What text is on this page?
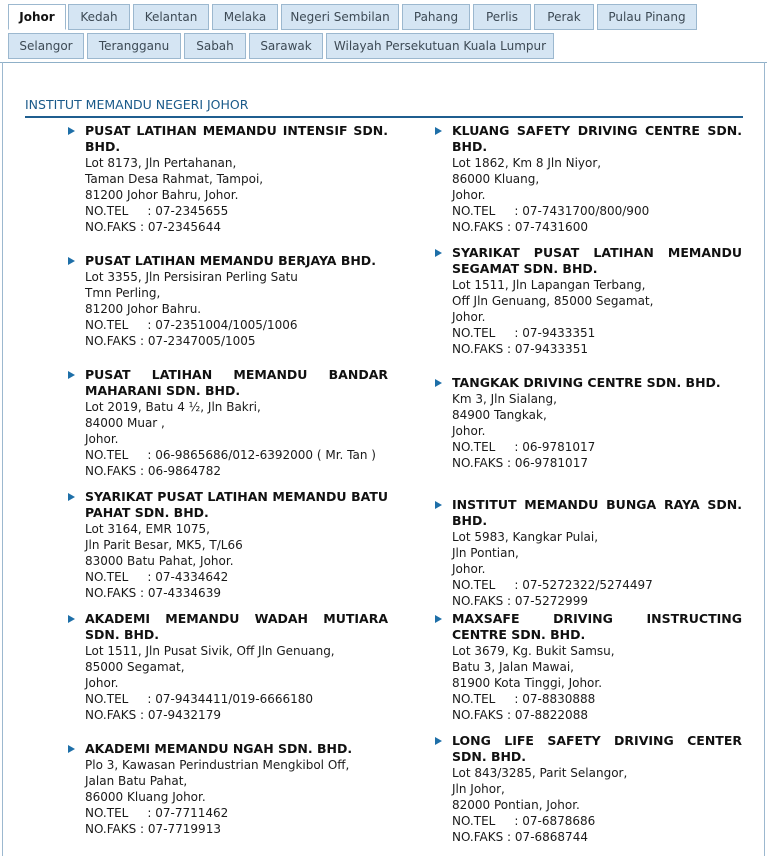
Johor	Kedah	Kelantan	Melaka	Negeri Sembilan	Pahang	Perlis	Perak	Pulau Pinang
Selangor	Terangganu	Sabah	Sarawak	Wilayah Persekutuan Kuala Lumpur
INSTITUT MEMANDU NEGERI JOHOR
PUSAT LATIHAN MEMANDU INTENSIF SDN. BHD.
Lot 8173, Jln Pertahanan,
Taman Desa Rahmat, Tampoi,
81200 Johor Bahru, Johor.
NO.TEL     : 07-2345655
NO.FAKS : 07-2345644
PUSAT LATIHAN MEMANDU BERJAYA BHD.
Lot 3355, Jln Persisiran Perling Satu
Tmn Perling,
81200 Johor Bahru.
NO.TEL     : 07-2351004/1005/1006
NO.FAKS : 07-2347005/1005
PUSAT LATIHAN MEMANDU BANDAR MAHARANI SDN. BHD.
Lot 2019, Batu 4 ½, Jln Bakri,
84000 Muar ,
Johor.
NO.TEL     : 06-9865686/012-6392000 ( Mr. Tan )
NO.FAKS : 06-9864782
SYARIKAT PUSAT LATIHAN MEMANDU BATU PAHAT SDN. BHD.
Lot 3164, EMR 1075,
Jln Parit Besar, MK5, T/L66
83000 Batu Pahat, Johor.
NO.TEL     : 07-4334642
NO.FAKS : 07-4334639
AKADEMI MEMANDU WADAH MUTIARA SDN. BHD.
Lot 1511, Jln Pusat Sivik, Off Jln Genuang,
85000 Segamat,
Johor.
NO.TEL     : 07-9434411/019-6666180
NO.FAKS : 07-9432179
AKADEMI MEMANDU NGAH SDN. BHD.
Plo 3, Kawasan Perindustrian Mengkibol Off,
Jalan Batu Pahat,
86000 Kluang Johor.
NO.TEL     : 07-7711462
NO.FAKS : 07-7719913
KLUANG SAFETY DRIVING CENTRE SDN. BHD.
Lot 1862, Km 8 Jln Niyor,
86000 Kluang,
Johor.
NO.TEL     : 07-7431700/800/900
NO.FAKS : 07-7431600
SYARIKAT PUSAT LATIHAN MEMANDU SEGAMAT SDN. BHD.
Lot 1511, Jln Lapangan Terbang,
Off Jln Genuang, 85000 Segamat,
Johor.
NO.TEL     : 07-9433351
NO.FAKS : 07-9433351
TANGKAK DRIVING CENTRE SDN. BHD.
Km 3, Jln Sialang,
84900 Tangkak,
Johor.
NO.TEL     : 06-9781017
NO.FAKS : 06-9781017
INSTITUT MEMANDU BUNGA RAYA SDN. BHD.
Lot 5983, Kangkar Pulai,
Jln Pontian,
Johor.
NO.TEL     : 07-5272322/5274497
NO.FAKS : 07-5272999
MAXSAFE DRIVING INSTRUCTING CENTRE SDN. BHD.
Lot 3679, Kg. Bukit Samsu,
Batu 3, Jalan Mawai,
81900 Kota Tinggi, Johor.
NO.TEL     : 07-8830888
NO.FAKS : 07-8822088
LONG LIFE SAFETY DRIVING CENTER SDN. BHD.
Lot 843/3285, Parit Selangor,
Jln Johor,
82000 Pontian, Johor.
NO.TEL     : 07-6878686
NO.FAKS : 07-6868744
